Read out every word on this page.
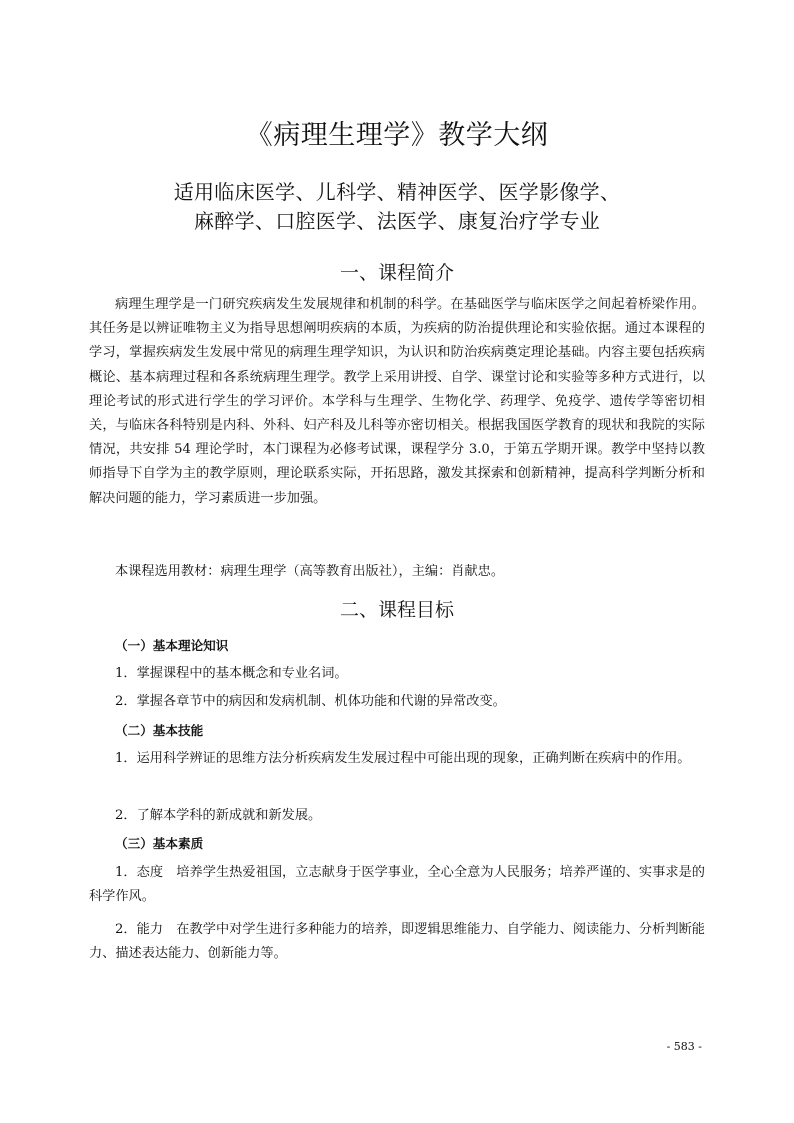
《病理生理学》教学大纲
适用临床医学、儿科学、精神医学、医学影像学、
麻醉学、口腔医学、法医学、康复治疗学专业
一、课程简介

病理生理学是一门研究疾病发生发展规律和机制的科学。在基础医学与临床医学之间起着桥梁作用。其任务是以辨证唯物主义为指导思想阐明疾病的本质，为疾病的防治提供理论和实验依据。通过本课程的学习，掌握疾病发生发展中常见的病理生理学知识，为认识和防治疾病奠定理论基础。内容主要包括疾病概论、基本病理过程和各系统病理生理学。教学上采用讲授、自学、课堂讨论和实验等多种方式进行，以理论考试的形式进行学生的学习评价。本学科与生理学、生物化学、药理学、免疫学、遗传学等密切相关，与临床各科特别是内科、外科、妇产科及儿科等亦密切相关。根据我国医学教育的现状和我院的实际情况，共安排 54 理论学时，本门课程为必修考试课，课程学分 3.0，于第五学期开课。教学中坚持以教师指导下自学为主的教学原则，理论联系实际，开拓思路，激发其探索和创新精神，提高科学判断分析和解决问题的能力，学习素质进一步加强。

本课程选用教材：病理生理学（高等教育出版社），主编：肖献忠。

二、课程目标

（一）基本理论知识

1．掌握课程中的基本概念和专业名词。

2．掌握各章节中的病因和发病机制、机体功能和代谢的异常改变。

（二）基本技能

1．运用科学辨证的思维方法分析疾病发生发展过程中可能出现的现象，正确判断在疾病中的作用。

2．了解本学科的新成就和新发展。

（三）基本素质

1．态度　培养学生热爱祖国，立志献身于医学事业，全心全意为人民服务；培养严谨的、实事求是的科学作风。

2．能力　在教学中对学生进行多种能力的培养，即逻辑思维能力、自学能力、阅读能力、分析判断能力、描述表达能力、创新能力等。

- 583 -
